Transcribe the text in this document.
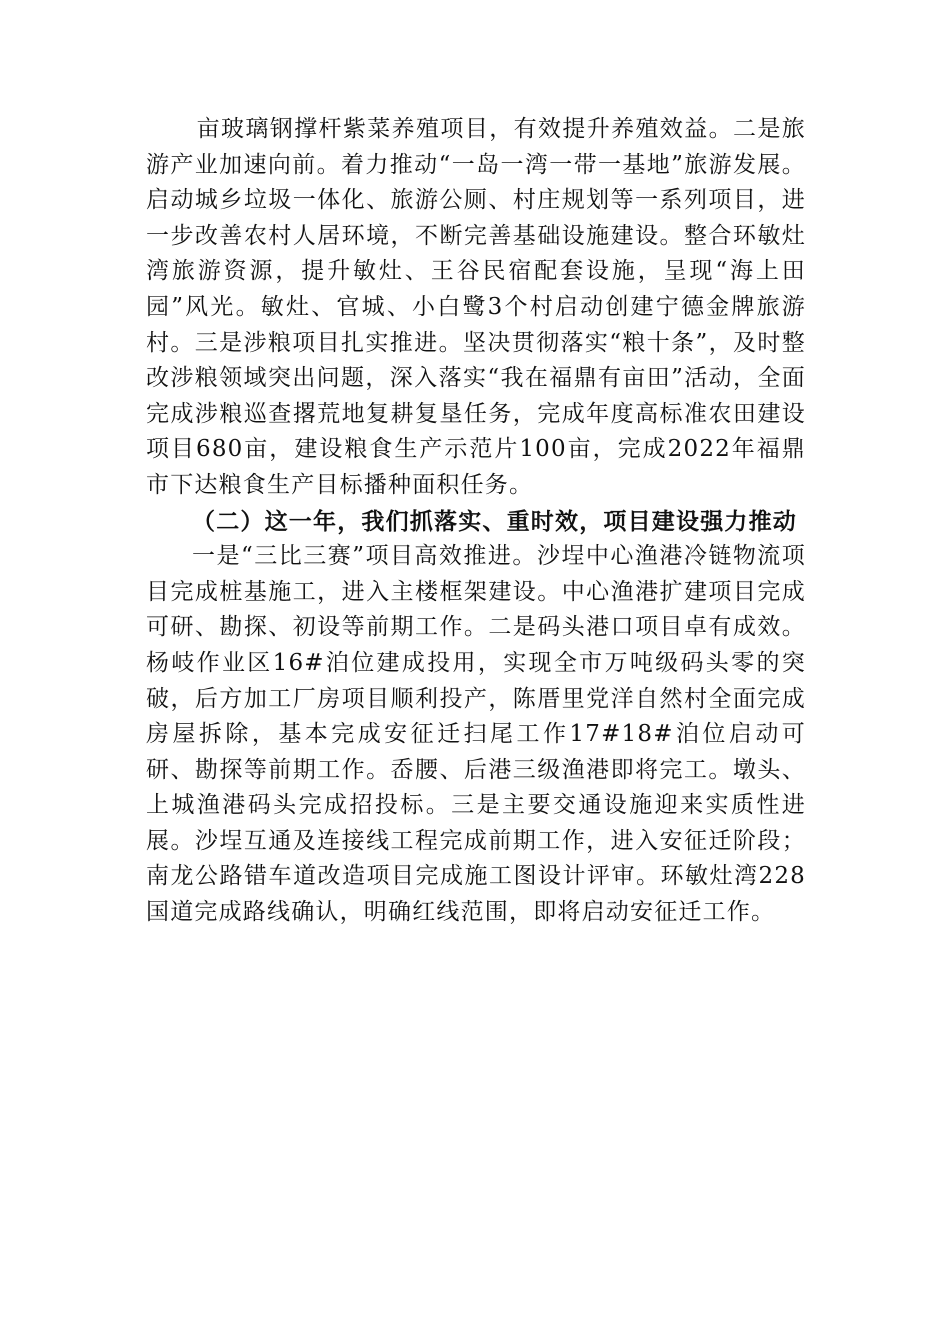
亩玻璃钢撑杆紫菜养殖项目，有效提升养殖效益。二是旅游产业加速向前。着力推动“一岛一湾一带一基地”旅游发展。启动城乡垃圾一体化、旅游公厕、村庄规划等一系列项目，进一步改善农村人居环境，不断完善基础设施建设。整合环敏灶湾旅游资源，提升敏灶、王谷民宿配套设施，呈现“海上田园”风光。敏灶、官城、小白鹭3个村启动创建宁德金牌旅游村。三是涉粮项目扎实推进。坚决贯彻落实“粮十条”，及时整改涉粮领域突出问题，深入落实“我在福鼎有亩田”活动，全面完成涉粮巡查撂荒地复耕复垦任务，完成年度高标准农田建设项目680亩，建设粮食生产示范片100亩，完成2022年福鼎市下达粮食生产目标播种面积任务。

（二）这一年，我们抓落实、重时效，项目建设强力推动

一是“三比三赛”项目高效推进。沙埕中心渔港冷链物流项目完成桩基施工，进入主楼框架建设。中心渔港扩建项目完成可研、勘探、初设等前期工作。二是码头港口项目卓有成效。杨岐作业区16#泊位建成投用，实现全市万吨级码头零的突破，后方加工厂房项目顺利投产，陈厝里党洋自然村全面完成房屋拆除，基本完成安征迁扫尾工作17#18#泊位启动可研、勘探等前期工作。岙腰、后港三级渔港即将完工。墩头、上城渔港码头完成招投标。三是主要交通设施迎来实质性进展。沙埕互通及连接线工程完成前期工作，进入安征迁阶段；南龙公路错车道改造项目完成施工图设计评审。环敏灶湾228国道完成路线确认，明确红线范围，即将启动安征迁工作。
